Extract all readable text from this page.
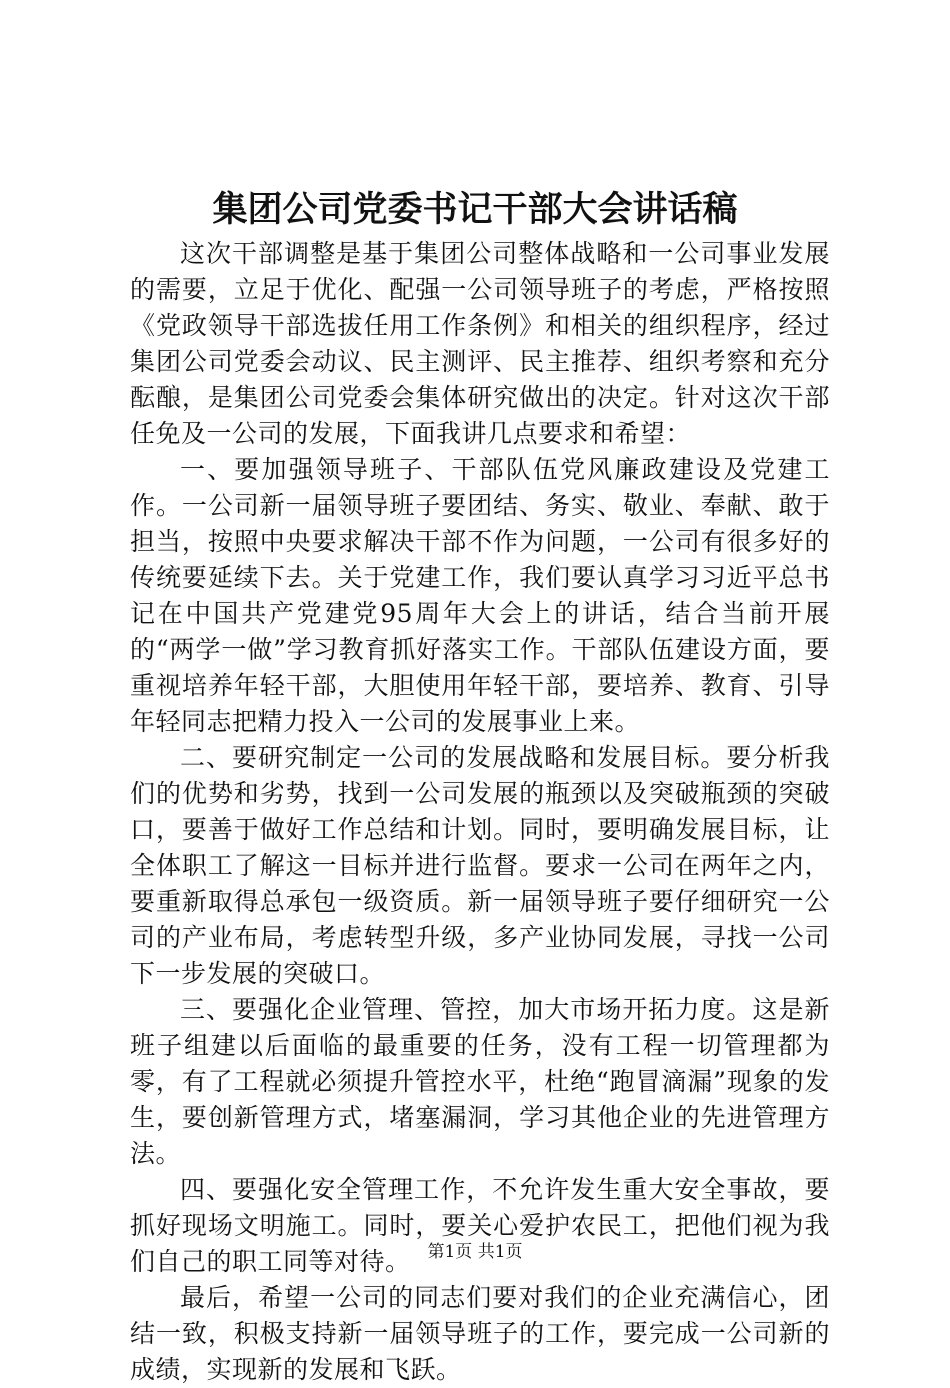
集团公司党委书记干部大会讲话稿

这次干部调整是基于集团公司整体战略和一公司事业发展的需要，立足于优化、配强一公司领导班子的考虑，严格按照《党政领导干部选拔任用工作条例》和相关的组织程序，经过集团公司党委会动议、民主测评、民主推荐、组织考察和充分酝酿，是集团公司党委会集体研究做出的决定。针对这次干部任免及一公司的发展，下面我讲几点要求和希望：

一、要加强领导班子、干部队伍党风廉政建设及党建工作。一公司新一届领导班子要团结、务实、敬业、奉献、敢于担当，按照中央要求解决干部不作为问题，一公司有很多好的传统要延续下去。关于党建工作，我们要认真学习习近平总书记在中国共产党建党95周年大会上的讲话，结合当前开展的“两学一做”学习教育抓好落实工作。干部队伍建设方面，要重视培养年轻干部，大胆使用年轻干部，要培养、教育、引导年轻同志把精力投入一公司的发展事业上来。

二、要研究制定一公司的发展战略和发展目标。要分析我们的优势和劣势，找到一公司发展的瓶颈以及突破瓶颈的突破口，要善于做好工作总结和计划。同时，要明确发展目标，让全体职工了解这一目标并进行监督。要求一公司在两年之内，要重新取得总承包一级资质。新一届领导班子要仔细研究一公司的产业布局，考虑转型升级，多产业协同发展，寻找一公司下一步发展的突破口。

三、要强化企业管理、管控，加大市场开拓力度。这是新班子组建以后面临的最重要的任务，没有工程一切管理都为零，有了工程就必须提升管控水平，杜绝“跑冒滴漏”现象的发生，要创新管理方式，堵塞漏洞，学习其他企业的先进管理方法。

四、要强化安全管理工作，不允许发生重大安全事故，要抓好现场文明施工。同时，要关心爱护农民工，把他们视为我们自己的职工同等对待。

最后，希望一公司的同志们要对我们的企业充满信心，团结一致，积极支持新一届领导班子的工作，要完成一公司新的成绩，实现新的发展和飞跃。

第1页 共1页
